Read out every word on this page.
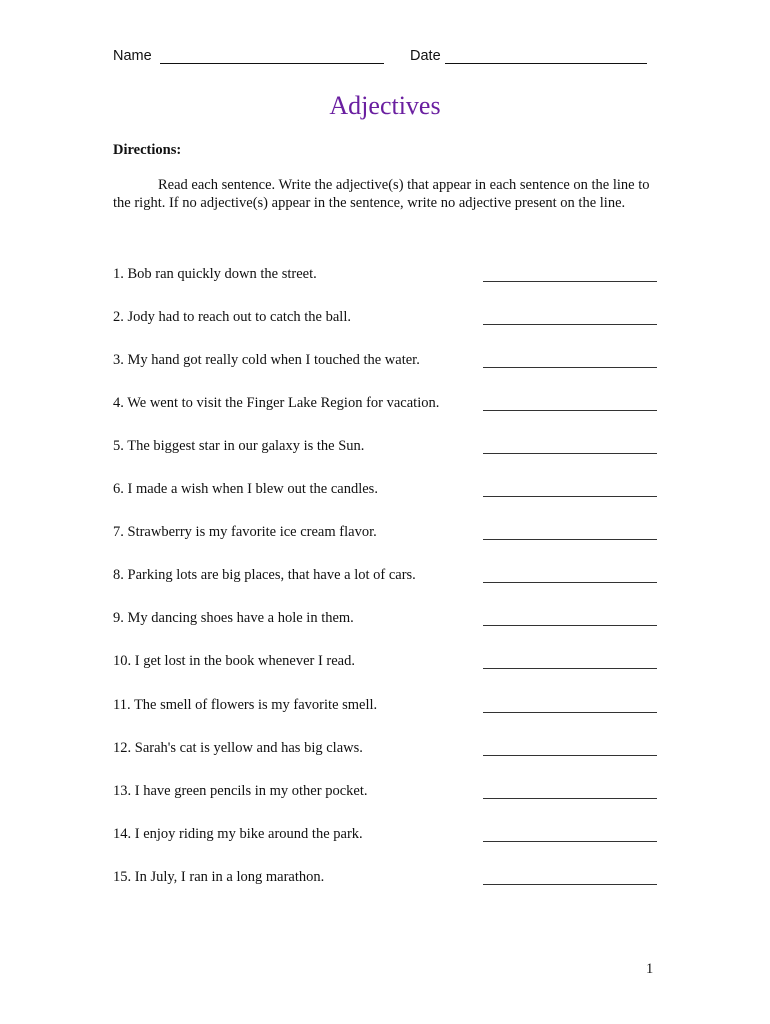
Name	Date
Adjectives
Directions:

Read each sentence. Write the adjective(s) that appear in each sentence on the line to the right. If no adjective(s) appear in the sentence, write no adjective present on the line.

1. Bob ran quickly down the street.
2. Jody had to reach out to catch the ball.
3. My hand got really cold when I touched the water.
4. We went to visit the Finger Lake Region for vacation.
5. The biggest star in our galaxy is the Sun.
6. I made a wish when I blew out the candles.
7. Strawberry is my favorite ice cream flavor.
8. Parking lots are big places, that have a lot of cars.
9. My dancing shoes have a hole in them.
10. I get lost in the book whenever I read.
11. The smell of flowers is my favorite smell.
12. Sarah's cat is yellow and has big claws.
13. I have green pencils in my other pocket.
14. I enjoy riding my bike around the park.
15. In July, I ran in a long marathon.
1
